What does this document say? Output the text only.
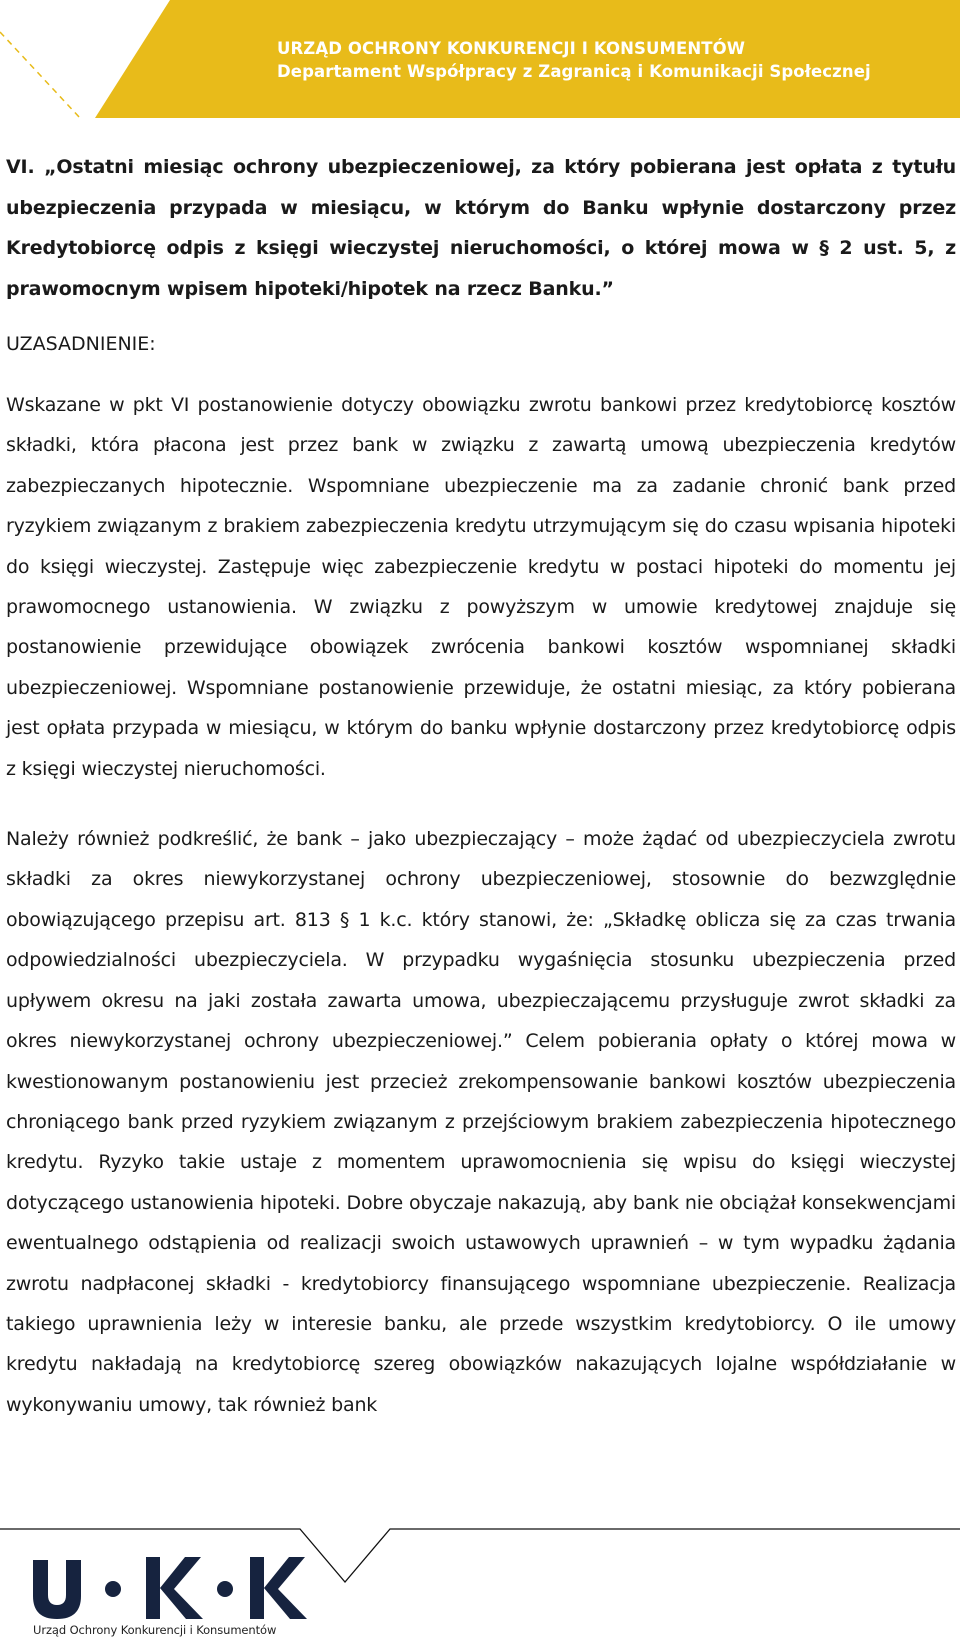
URZĄD OCHRONY KONKURENCJI I KONSUMENTÓW
Departament Współpracy z Zagranicą i Komunikacji Społecznej

VI. „Ostatni miesiąc ochrony ubezpieczeniowej, za który pobierana jest opłata z tytułu ubezpieczenia przypada w miesiącu, w którym do Banku wpłynie dostarczony przez Kredytobiorcę odpis z księgi wieczystej nieruchomości, o której mowa w § 2 ust. 5, z prawomocnym wpisem hipoteki/hipotek na rzecz Banku.”

UZASADNIENIE:

Wskazane w pkt VI postanowienie dotyczy obowiązku zwrotu bankowi przez kredytobiorcę kosztów składki, która płacona jest przez bank w związku z zawartą umową ubezpieczenia kredytów zabezpieczanych hipotecznie. Wspomniane ubezpieczenie ma za zadanie chronić bank przed ryzykiem związanym z brakiem zabezpieczenia kredytu utrzymującym się do czasu wpisania hipoteki do księgi wieczystej. Zastępuje więc zabezpieczenie kredytu w postaci hipoteki do momentu jej prawomocnego ustanowienia. W związku z powyższym w umowie kredytowej znajduje się postanowienie przewidujące obowiązek zwrócenia bankowi kosztów wspomnianej składki ubezpieczeniowej. Wspomniane postanowienie przewiduje, że ostatni miesiąc, za który pobierana jest opłata przypada w miesiącu, w którym do banku wpłynie dostarczony przez kredytobiorcę odpis z księgi wieczystej nieruchomości.

Należy również podkreślić, że bank – jako ubezpieczający – może żądać od ubezpieczyciela zwrotu składki za okres niewykorzystanej ochrony ubezpieczeniowej, stosownie do bezwzględnie obowiązującego przepisu art. 813 § 1 k.c. który stanowi, że: „Składkę oblicza się za czas trwania odpowiedzialności ubezpieczyciela. W przypadku wygaśnięcia stosunku ubezpieczenia przed upływem okresu na jaki została zawarta umowa, ubezpieczającemu przysługuje zwrot składki za okres niewykorzystanej ochrony ubezpieczeniowej.” Celem pobierania opłaty o której mowa w kwestionowanym postanowieniu jest przecież zrekompensowanie bankowi kosztów ubezpieczenia chroniącego bank przed ryzykiem związanym z przejściowym brakiem zabezpieczenia hipotecznego kredytu. Ryzyko takie ustaje z momentem uprawomocnienia się wpisu do księgi wieczystej dotyczącego ustanowienia hipoteki. Dobre obyczaje nakazują, aby bank nie obciążał konsekwencjami ewentualnego odstąpienia od realizacji swoich ustawowych uprawnień – w tym wypadku żądania zwrotu nadpłaconej składki - kredytobiorcy finansującego wspomniane ubezpieczenie. Realizacja takiego uprawnienia leży w interesie banku, ale przede wszystkim kredytobiorcy. O ile umowy kredytu nakładają na kredytobiorcę szereg obowiązków nakazujących lojalne współdziałanie w wykonywaniu umowy, tak również bank

Urząd Ochrony Konkurencji i Konsumentów
